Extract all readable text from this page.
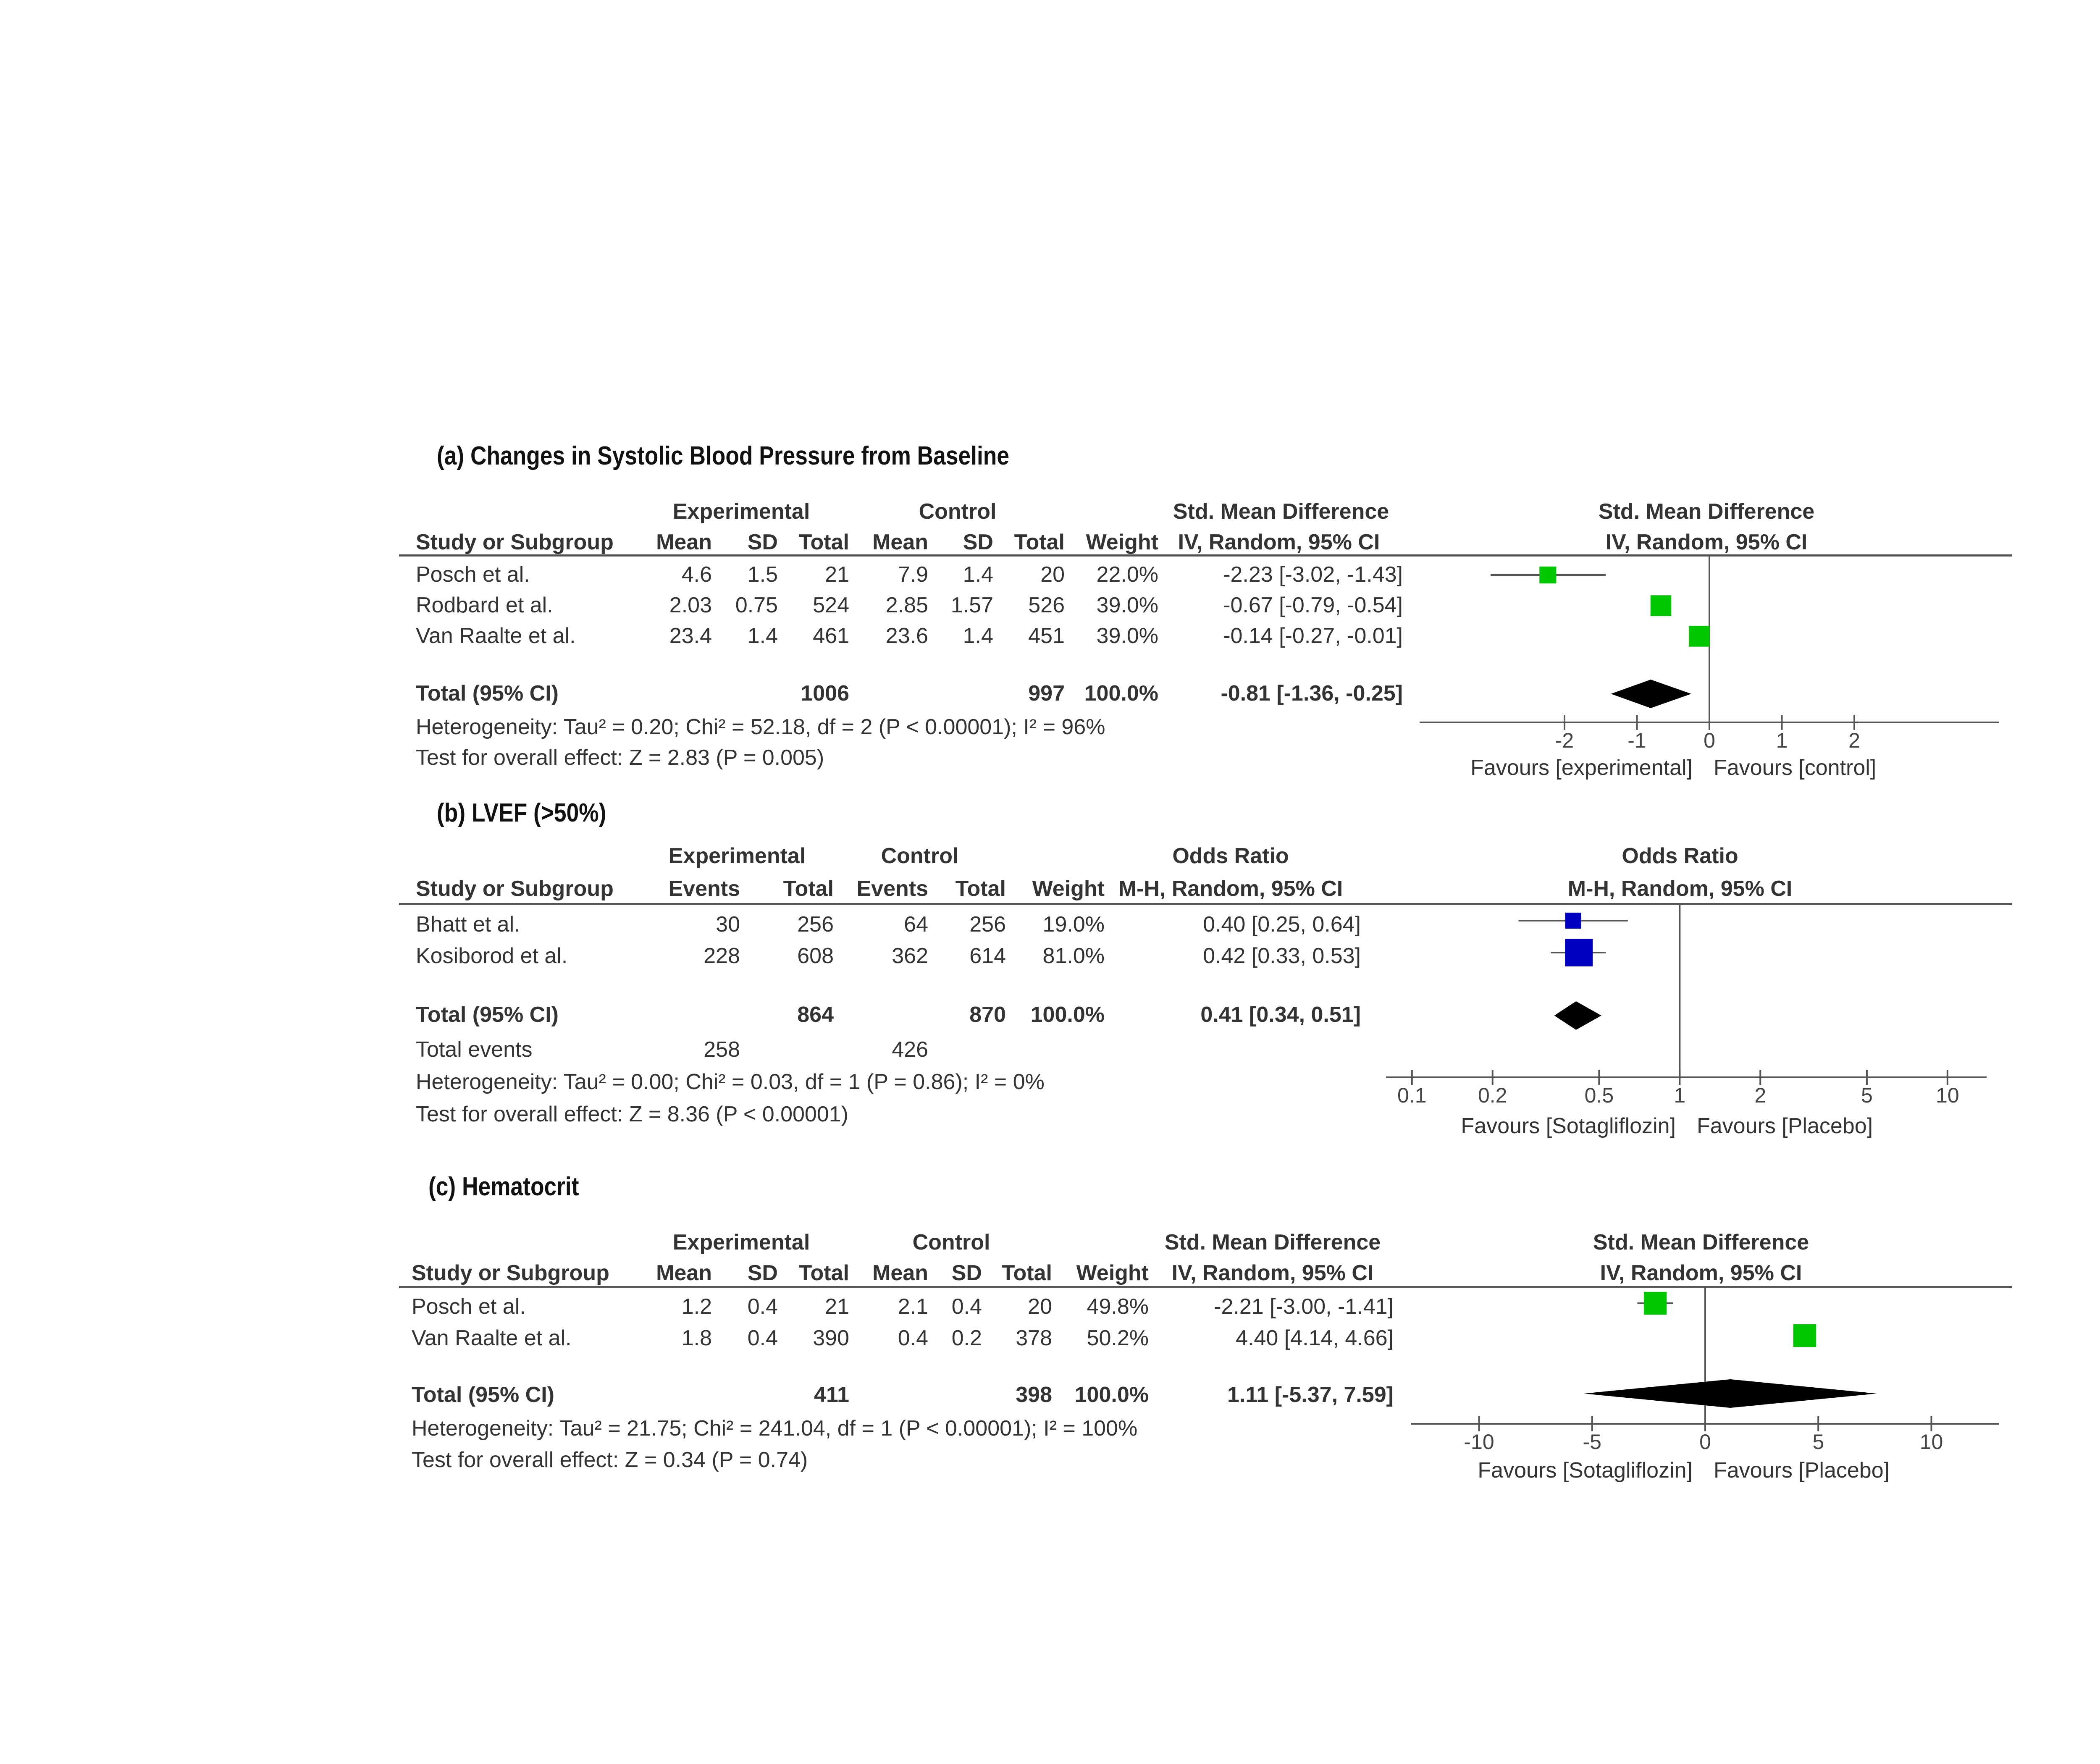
(a) Changes in Systolic Blood Pressure from Baseline
Experimental	Control	Std. Mean Difference	Std. Mean Difference
Study or Subgroup Mean SD Total Mean SD Total Weight IV, Random, 95% CI	IV, Random, 95% CI
Posch et al.	4.6 1.5 21 7.9 1.4 20 22.0%	-2.23 [-3.02, -1.43]
Rodbard et al.	2.03 0.75 524 2.85 1.57 526 39.0%	-0.67 [-0.79, -0.54]
Van Raalte et al.	23.4 1.4 461 23.6 1.4 451 39.0%	-0.14 [-0.27, -0.01]
Total (95% CI)	1006	997 100.0%	-0.81 [-1.36, -0.25]
Heterogeneity: Tau² = 0.20; Chi² = 52.18, df = 2 (P < 0.00001); I² = 96%
Test for overall effect: Z = 2.83 (P = 0.005)
-2	-1	0	1	2
Favours [experimental] Favours [control]
(b) LVEF (>50%)
Experimental	Control	Odds Ratio	Odds Ratio
Study or Subgroup	Events Total Events Total Weight M-H, Random, 95% CI	M-H, Random, 95% CI
Bhatt et al.	30	256	64 256 19.0%	0.40 [0.25, 0.64]
Kosiborod et al.	228	608	362 614 81.0%	0.42 [0.33, 0.53]
Total (95% CI)	864	870 100.0%	0.41 [0.34, 0.51]
Total events	258	426
Heterogeneity: Tau² = 0.00; Chi² = 0.03, df = 1 (P = 0.86); I² = 0%
Test for overall effect: Z = 8.36 (P < 0.00001)
0.1 0.2	0.5	1	2	5	10
Favours [Sotagliflozin] Favours [Placebo]
(c) Hematocrit
Experimental	Control	Std. Mean Difference	Std. Mean Difference
Study or Subgroup Mean SD Total Mean SD Total Weight IV, Random, 95% CI	IV, Random, 95% CI
Posch et al.	1.2 0.4 21 2.1 0.4 20 49.8%	-2.21 [-3.00, -1.41]
Van Raalte et al.	1.8 0.4 390 0.4 0.2 378 50.2%	4.40 [4.14, 4.66]
Total (95% CI)	411	398 100.0%	1.11 [-5.37, 7.59]
Heterogeneity: Tau² = 21.75; Chi² = 241.04, df = 1 (P < 0.00001); I² = 100%
Test for overall effect: Z = 0.34 (P = 0.74)
-10	-5	0	5	10
Favours [Sotagliflozin] Favours [Placebo]
